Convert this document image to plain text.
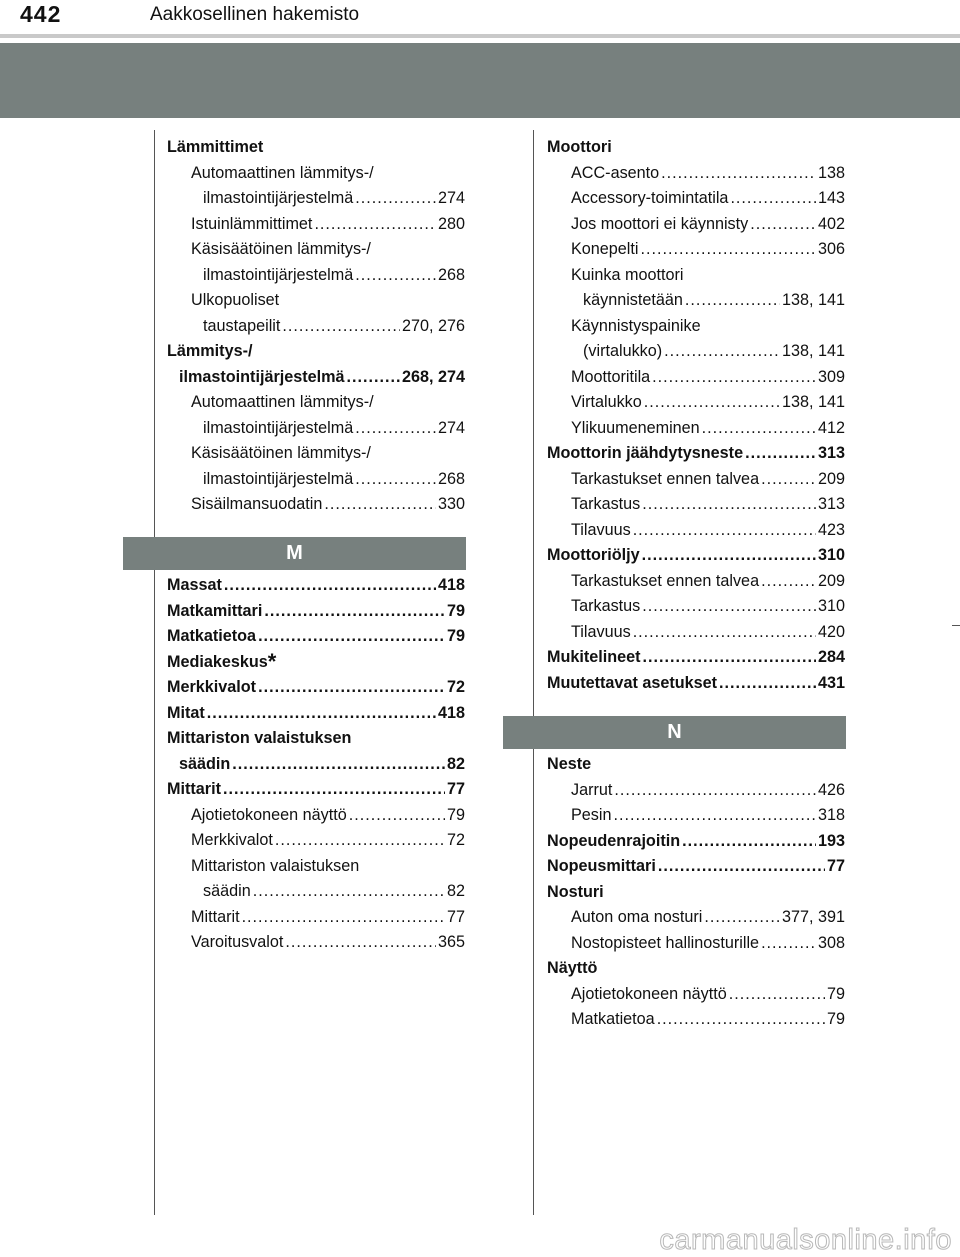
442	Aakkosellinen hakemisto
Lämmittimet
Automaattinen lämmitys-/
ilmastointijärjestelmä .....	274
Istuinlämmittimet .....	280
Käsisäätöinen lämmitys-/
ilmastointijärjestelmä .....	268
Ulkopuoliset
taustapeilit .....	270, 276
Lämmitys-/
ilmastointijärjestelmä .....	268, 274
Automaattinen lämmitys-/
ilmastointijärjestelmä .....	274
Käsisäätöinen lämmitys-/
ilmastointijärjestelmä .....	268
Sisäilmansuodatin .....	330
M
Massat .....	418
Matkamittari .....	79
Matkatietoa .....	79
Mediakeskus*
Merkkivalot .....	72
Mitat .....	418
Mittariston valaistuksen
säädin .....	82
Mittarit .....	77
Ajotietokoneen näyttö .....	79
Merkkivalot .....	72
Mittariston valaistuksen
säädin .....	82
Mittarit .....	77
Varoitusvalot .....	365
Moottori
ACC-asento .....	138
Accessory-toimintatila .....	143
Jos moottori ei käynnisty .....	402
Konepelti .....	306
Kuinka moottori
käynnistetään .....	138, 141
Käynnistyspainike
(virtalukko) .....	138, 141
Moottoritila .....	309
Virtalukko .....	138, 141
Ylikuumeneminen .....	412
Moottorin jäähdytysneste .....	313
Tarkastukset ennen talvea .....	209
Tarkastus .....	313
Tilavuus .....	423
Moottoriöljy .....	310
Tarkastukset ennen talvea .....	209
Tarkastus .....	310
Tilavuus .....	420
Mukitelineet .....	284
Muutettavat asetukset .....	431
N
Neste
Jarrut .....	426
Pesin .....	318
Nopeudenrajoitin .....	193
Nopeusmittari .....	77
Nosturi
Auton oma nosturi .....	377, 391
Nostopisteet hallinosturille .....	308
Näyttö
Ajotietokoneen näyttö .....	79
Matkatietoa .....	79
carmanualsonline.info
